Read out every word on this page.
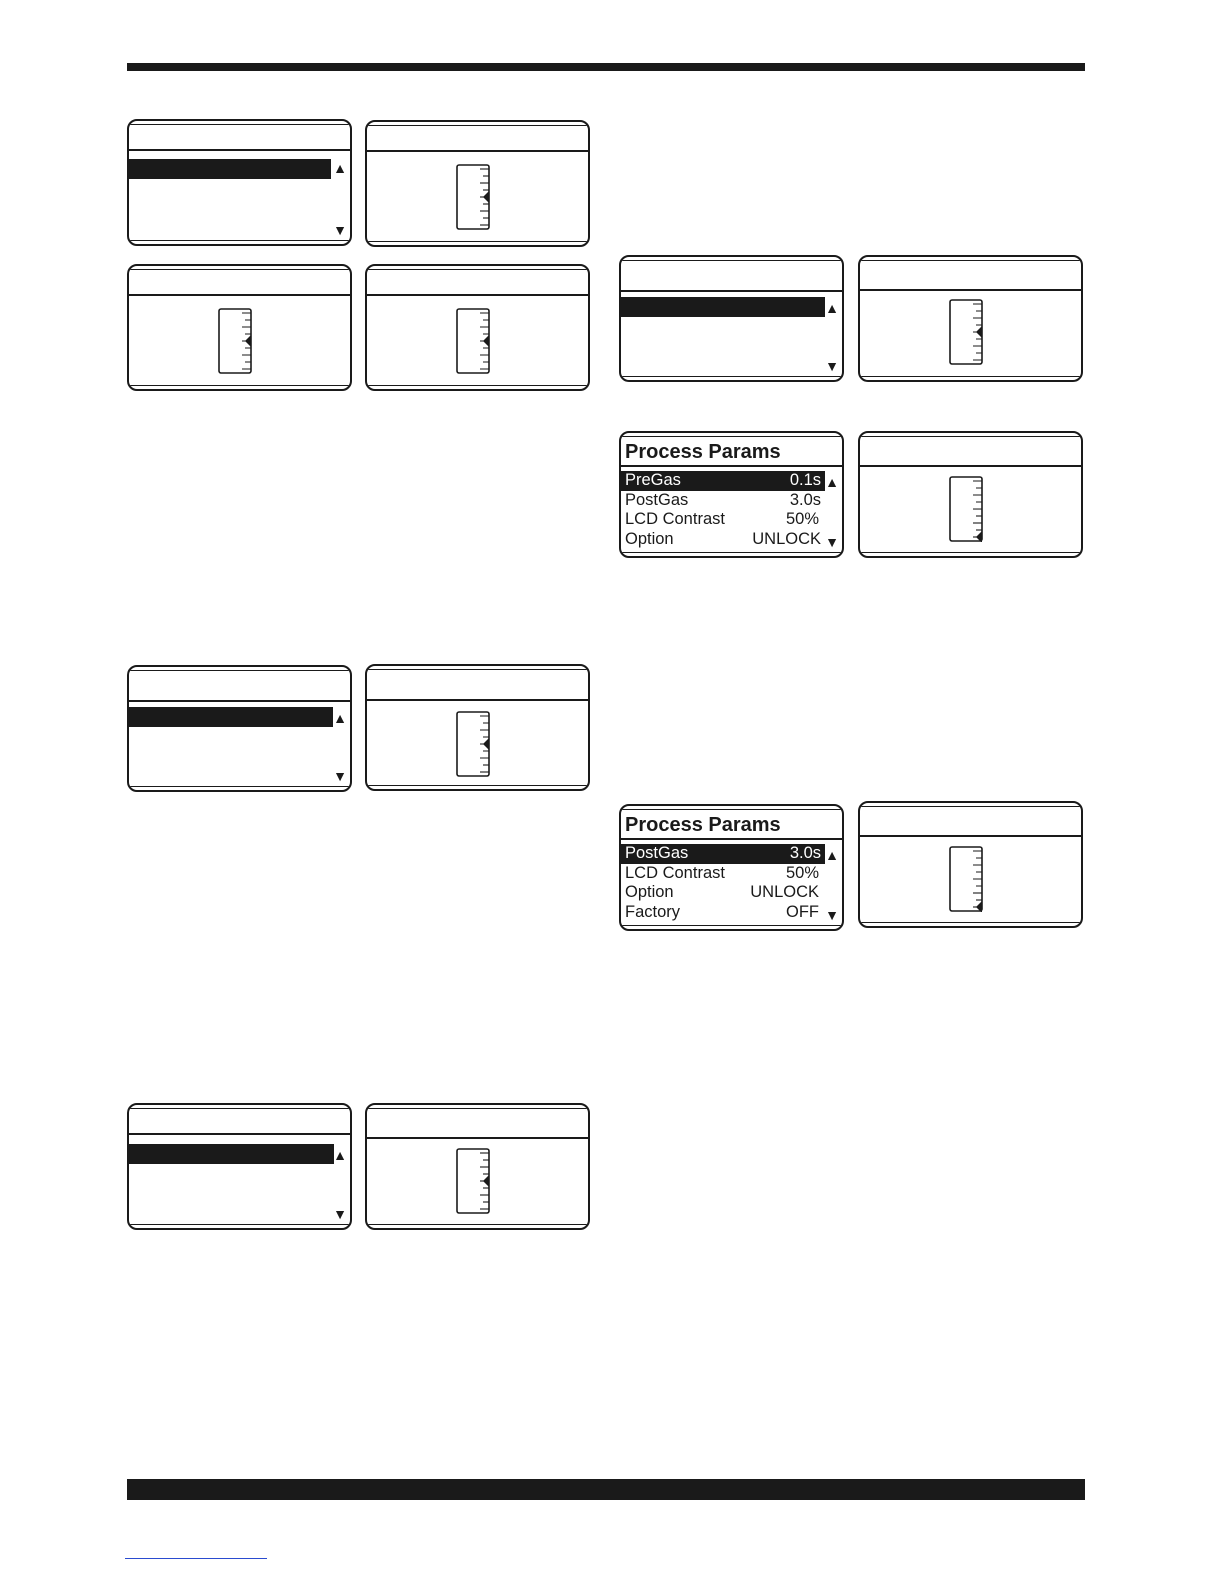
▲
▼
▲
▼
▲
▼
▲
▼
Process Params
PreGas	0.1s
PostGas	3.0s
LCD Contrast	50%
Option	UNLOCK
▲
▼
Process Params
PostGas	3.0s
LCD Contrast	50%
Option	UNLOCK
Factory	OFF
▲
▼
